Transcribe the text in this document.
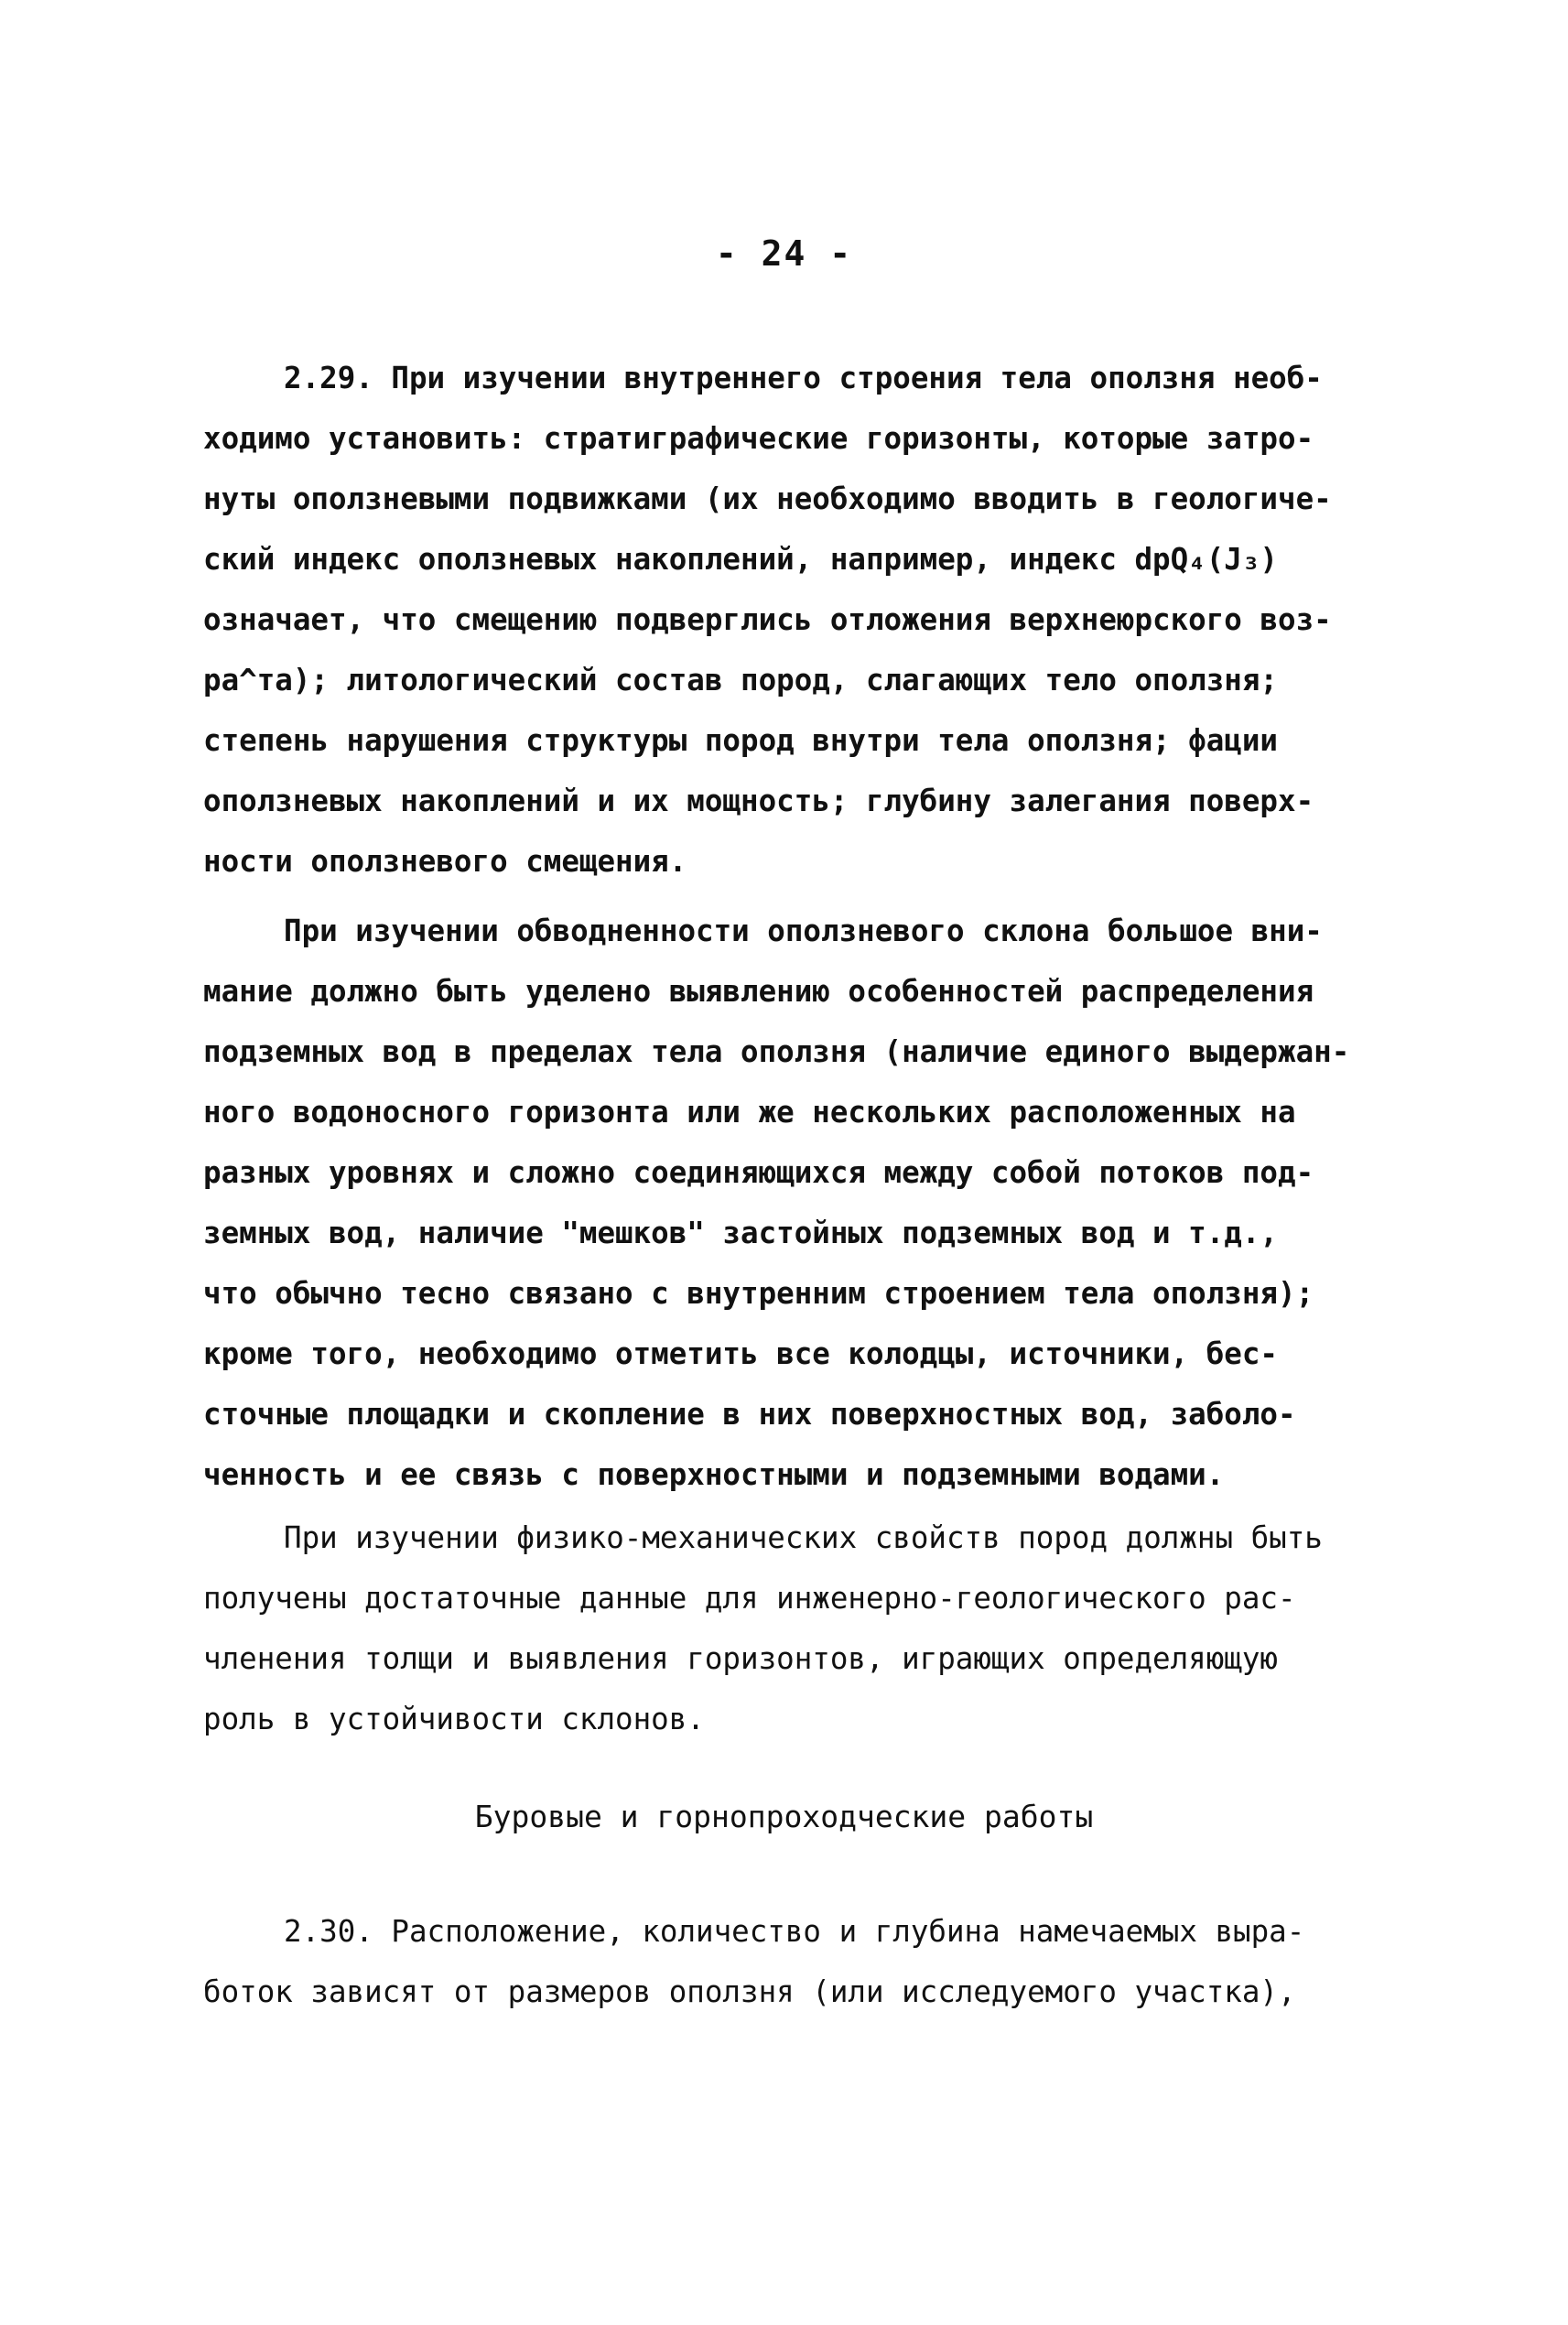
- 24 -
2.29. При изучении внутреннего строения тела оползня необ-
ходимо установить: стратиграфические горизонты, которые затро-
нуты оползневыми подвижками (их необходимо вводить в геологиче-
ский индекс оползневых накоплений, например, индекс dpQ₄(J₃)
означает, что смещению подверглись отложения верхнеюрского воз-
ра^та); литологический состав пород, слагающих тело оползня;
степень нарушения структуры пород внутри тела оползня; фации
оползневых накоплений и их мощность; глубину залегания поверх-
ности оползневого смещения.
При изучении обводненности оползневого склона большое вни-
мание должно быть уделено выявлению особенностей распределения
подземных вод в пределах тела оползня (наличие единого выдержан-
ного водоносного горизонта или же нескольких расположенных на
разных уровнях и сложно соединяющихся между собой потоков под-
земных вод, наличие "мешков" застойных подземных вод и т.д.,
что обычно тесно связано с внутренним строением тела оползня);
кроме того, необходимо отметить все колодцы, источники, бес-
сточные площадки и скопление в них поверхностных вод, заболо-
ченность и ее связь с поверхностными и подземными водами.
При изучении физико-механических свойств пород должны быть
получены достаточные данные для инженерно-геологического рас-
членения толщи и выявления горизонтов, играющих определяющую
роль в устойчивости склонов.
Буровые и горнопроходческие работы
2.30. Расположение, количество и глубина намечаемых выра-
боток зависят от размеров оползня (или исследуемого участка),
